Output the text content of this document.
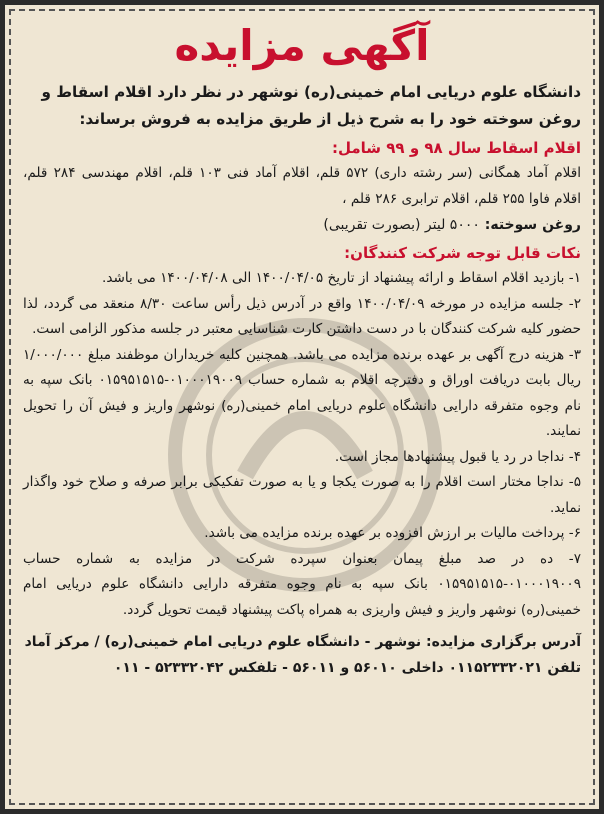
آگهی مزایده

دانشگاه علوم دریایی امام خمینی(ره) نوشهر در نظر دارد اقلام اسقاط و روغن سوخته خود را به شرح ذیل از طریق مزایده به فروش برساند:

اقلام اسقاط سال ۹۸ و ۹۹ شامل:

اقلام آماد همگانی (سر رشته داری) ۵۷۲ قلم، اقلام آماد فنی ۱۰۳ قلم، اقلام مهندسی ۲۸۴ قلم، اقلام فاوا ۲۵۵ قلم، اقلام ترابری ۲۸۶ قلم ،

روغن سوخته: ۵۰۰۰ لیتر (بصورت تقریبی)

نکات قابل توجه شرکت کنندگان:

۱- بازدید اقلام اسقاط و ارائه پیشنهاد از تاریخ ۱۴۰۰/۰۴/۰۵ الی ۱۴۰۰/۰۴/۰۸ می باشد.

۲- جلسه مزایده در مورخه ۱۴۰۰/۰۴/۰۹ واقع در آدرس ذیل رأس ساعت ۸/۳۰ منعقد می گردد، لذا حضور کلیه شرکت کنندگان با در دست داشتن کارت شناسایی معتبر در جلسه مذکور الزامی است.

۳- هزینه درج آگهی بر عهده برنده مزایده می باشد. همچنین کلیه خریداران موظفند مبلغ ۱/۰۰۰/۰۰۰ ریال بابت دریافت اوراق و دفترچه اقلام به شماره حساب ۰۱۰۰۰۱۹۰۰۹-۰۱۵۹۵۱۵۱۵ بانک سپه به نام وجوه متفرقه دارایی دانشگاه علوم دریایی امام خمینی(ره) نوشهر واریز و فیش آن را تحویل نمایند.

۴- نداجا در رد یا قبول پیشنهادها مجاز است.

۵- نداجا مختار است اقلام را به صورت یکجا و یا به صورت تفکیکی برابر صرفه و صلاح خود واگذار نماید.

۶- پرداخت مالیات بر ارزش افزوده بر عهده برنده مزایده می باشد.

۷- ده در صد مبلغ پیمان بعنوان سپرده شرکت در مزایده به شماره حساب ۰۱۰۰۰۱۹۰۰۹-۰۱۵۹۵۱۵۱۵ بانک سپه به نام وجوه متفرقه دارایی دانشگاه علوم دریایی امام خمینی(ره) نوشهر واریز و فیش واریزی به همراه پاکت پیشنهاد قیمت تحویل گردد.

آدرس برگزاری مزایده: نوشهر - دانشگاه علوم دریایی امام خمینی(ره) / مرکز آماد

تلفن ۰۱۱۵۲۳۳۲۰۲۱ داخلی ۵۶۰۱۰ و ۵۶۰۱۱ - تلفکس ۵۲۳۳۲۰۴۲ - ۰۱۱
